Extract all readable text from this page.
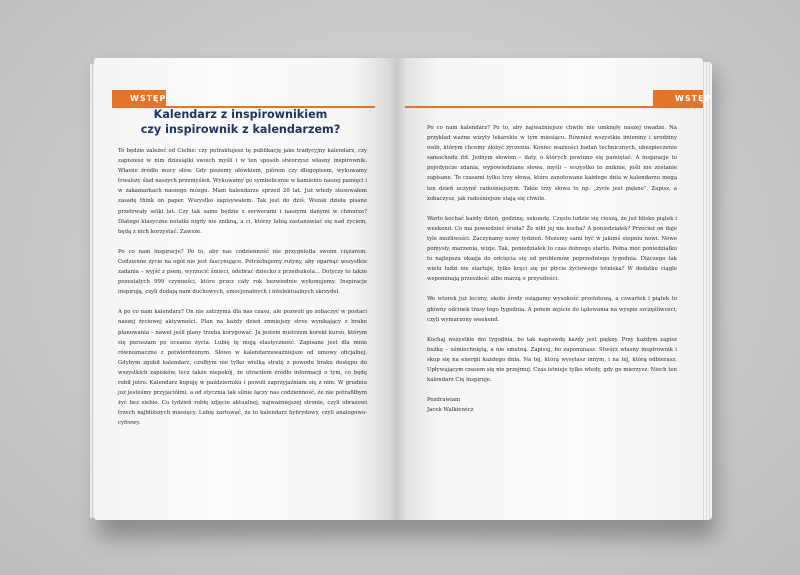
WSTĘP
Kalendarz z inspirownikiem
czy inspirownik z kalendarzem?

To będzie zależeć od Ciebie: czy potraktujesz tę publikację jako tradycyjny kalendarz, czy zapiszesz w nim dziesiątki swoich myśli i w ten sposób stworzysz własny inspirownik. Własne źródło mocy słów. Gdy piszemy ołówkiem, piórem czy długopisem, wykuwamy trwalszy ślad naszych przemyśleń. Wykuwamy go symbolicznie w kamieniu naszej pamięci i w zakamarkach naszego mózgu. Mam kalendarze sprzed 20 lat. Już wtedy stosowałem zasadę think on paper. Wszystko zapisywałem. Tak jest do dziś. Wszak dzieła pisane przetrwały setki lat. Czy tak samo będzie z serwerami i naszymi danymi w chmurze? Dlatego klasyczne notatki nigdy nie znikną, a ci, którzy lubią zastanawiać się nad życiem, będą z nich korzystać. Zawsze.

Po co nam inspiracje? Po to, aby nas codzienność nie przygniotła swoim ciężarem. Codzienne życie na ogół nie jest fascynujące. Potrzebujemy rutyny, aby ogarnąć wszystkie zadania – wyjść z psem, wyrzucić śmieci, odebrać dziecko z przedszkola... Dotyczy to także pozostałych 999 czynności, które przez cały rok bezwiednie wykonujemy. Inspiracje inspirują, czyli dodają nam duchowych, emocjonalnych i intelektualnych skrzydeł.

A po co nam kalendarz? On nie zatrzyma dla nas czasu, ale pozwoli go zobaczyć w postaci naszej życiowej aktywności. Plan na każdy dzień zmniejszy stres wynikający z braku planowania – nawet jeśli plany trzeba korygować. Ja jestem mistrzem korekt kursu, którym się poruszam po oceanie życia. Lubię tę moją elastyczność. Zapisane jest dla mnie równoznaczne z potwierdzonym. Słowo w kalendarzuważniejsze od umowy oficjalnej. Gdybym zgubił kalendarz, czułbym nie tylko wielką stratę z powodu braku dostępu do wszystkich zapisków, lecz także niepokój, że utraciłem źródło informacji o tym, co będę robił jutro. Kalendarz kupuję w październiku i powoli zaprzyjaźniam się z nim. W grudniu już jesteśmy przyjaciółmi, a od stycznia tak silnie łączy nas codzienność, że nie potrafiłbym żyć bez siebie. Co tydzień robię zdjęcie aktualnej, najważniejszej stronie, czyli obrazowi trzech najbliższych miesięcy. Lubię żartować, że to kalendarz hybrydowy, czyli analogowo-cyfrowy.

WSTĘP

Po co nam kalendarz? Po to, aby najważniejsze chwile nie umknęły naszej uwadze. Na przykład ważne wizyty lekarskie w tym miesiącu. Również wszystkie imieniny i urodziny osób, którym chcemy złożyć życzenia. Koniec ważności badań technicznych, ubezpieczenie samochodu itd. Jednym słowem – daty, o których powinno się pamiętać. A inspiracje to pojedyncze zdania, wypowiedziane słowa, myśli – wszystko to zniknie, jeśli nie zostanie zapisane. To czasami tylko trzy słowa, które zanotowane każdego dnia w kalendarzu mogą ten dzień uczynić radośniejszym. Takie trzy słowa to np. „życie jest piękne”. Zapisz, a zobaczysz, jak radośniejsze stają się chwile.

Warto kochać każdy dzień, godzinę, sekundę. Często ludzie się cieszą, że już blisko piątek i weekend. Co ma powiedzieć środa? Że nikt jej nie kocha? A poniedziałek? Przecież on daje tyle możliwości. Zaczynamy nowy tydzień. Możemy sami być w jakimś stopniu nowi. Nowe pomysły, marzenia, wizje. Tak, poniedziałek to czas dobrego startu. Pełna moc poniedziałku to najlepsza okazja do odcięcia się od problemów poprzedniego tygodnia. Dlaczego tak wielu ludzi nie startuje, tylko kręci się po płycie życiowego lotniska? W dodatku ciągle wspominają przeszłość albo marzą o przyszłości.

We wtorek już lecimy, około środy osiągamy wysokość przelotową, a czwartek i piątek to główny odcinek trasy tego tygodnia. A potem zejście do lądowania na wyspie szczęśliwości, czyli wymarzony weekend.

Kochaj wszystkie dni tygodnia, bo tak naprawdę każdy jest piękny. Przy każdym zapisz buźkę – uśmiechniętą, a nie smutną. Zapisuj, bo zapominasz. Stwórz własny inspirownik i skup się na energii każdego dnia. Na tej, którą wysyłasz innym, i na tej, którą odbierasz. Upływającym czasem się nie przejmuj. Czas istnieje tylko wtedy, gdy go mierzysz. Niech ten kalendarz Cię inspiruje.

Pozdrawiam

Jacek Walkiewicz
